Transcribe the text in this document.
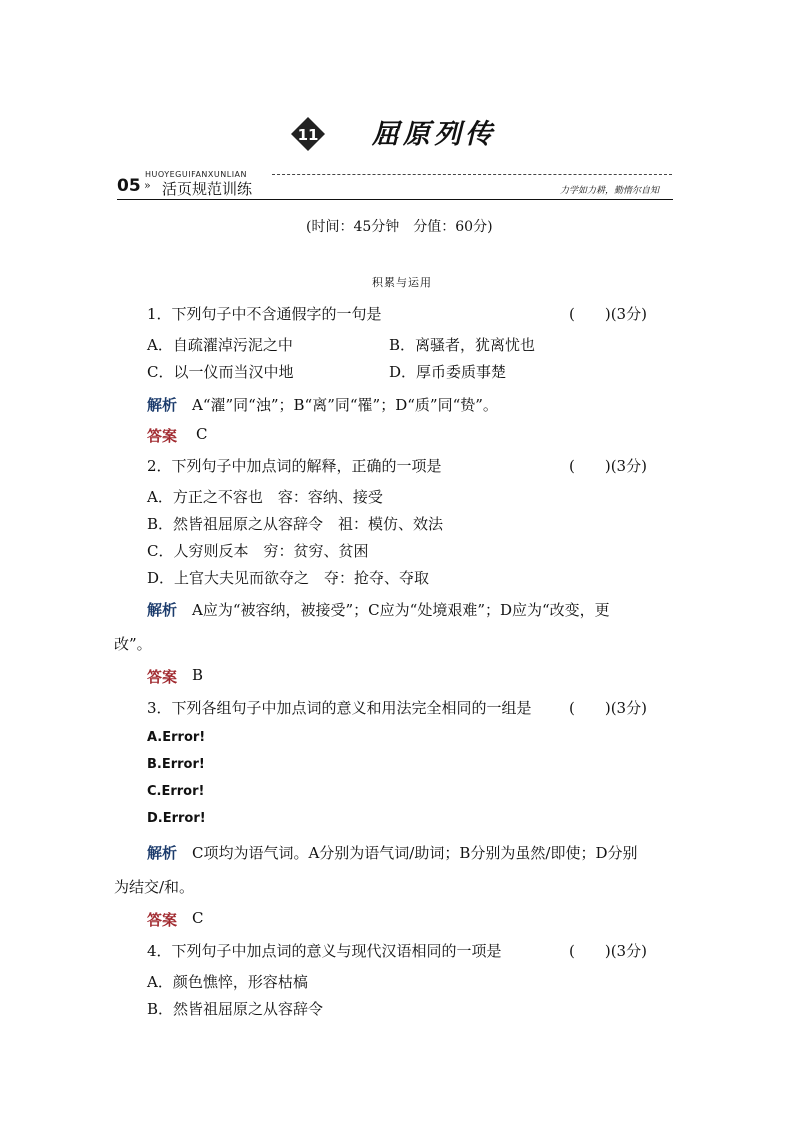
11 屈原列传
HUOYEGUIFANXUNLIAN
05 » 活页规范训练	力学如力耕，勤惰尔自知
(时间：45分钟　分值：60分)
积累与运用
1．下列句子中不含通假字的一句是	(　　)(3分)
A．自疏濯淖污泥之中	B．离骚者，犹离忧也
C．以一仪而当汉中地	D．厚币委质事楚
解析 A“濯”同“浊”；B“离”同“罹”；D“质”同“贽”。
答案 C
2．下列句子中加点词的解释，正确的一项是	(　　)(3分)
A．方正之不容也　容：容纳、接受
B．然皆祖屈原之从容辞令　祖：模仿、效法
C．人穷则反本　穷：贫穷、贫困
D．上官大夫见而欲夺之　夺：抢夺、夺取
解析 A应为“被容纳，被接受”；C应为“处境艰难”；D应为“改变，更
改”。
答案 B
3．下列各组句子中加点词的意义和用法完全相同的一组是 (　　)(3分)
A.Error!
B.Error!
C.Error!
D.Error!
解析 C项均为语气词。A分别为语气词/助词；B分别为虽然/即使；D分别
为结交/和。
答案 C
4．下列句子中加点词的意义与现代汉语相同的一项是	(　　)(3分)
A．颜色憔悴，形容枯槁
B．然皆祖屈原之从容辞令
